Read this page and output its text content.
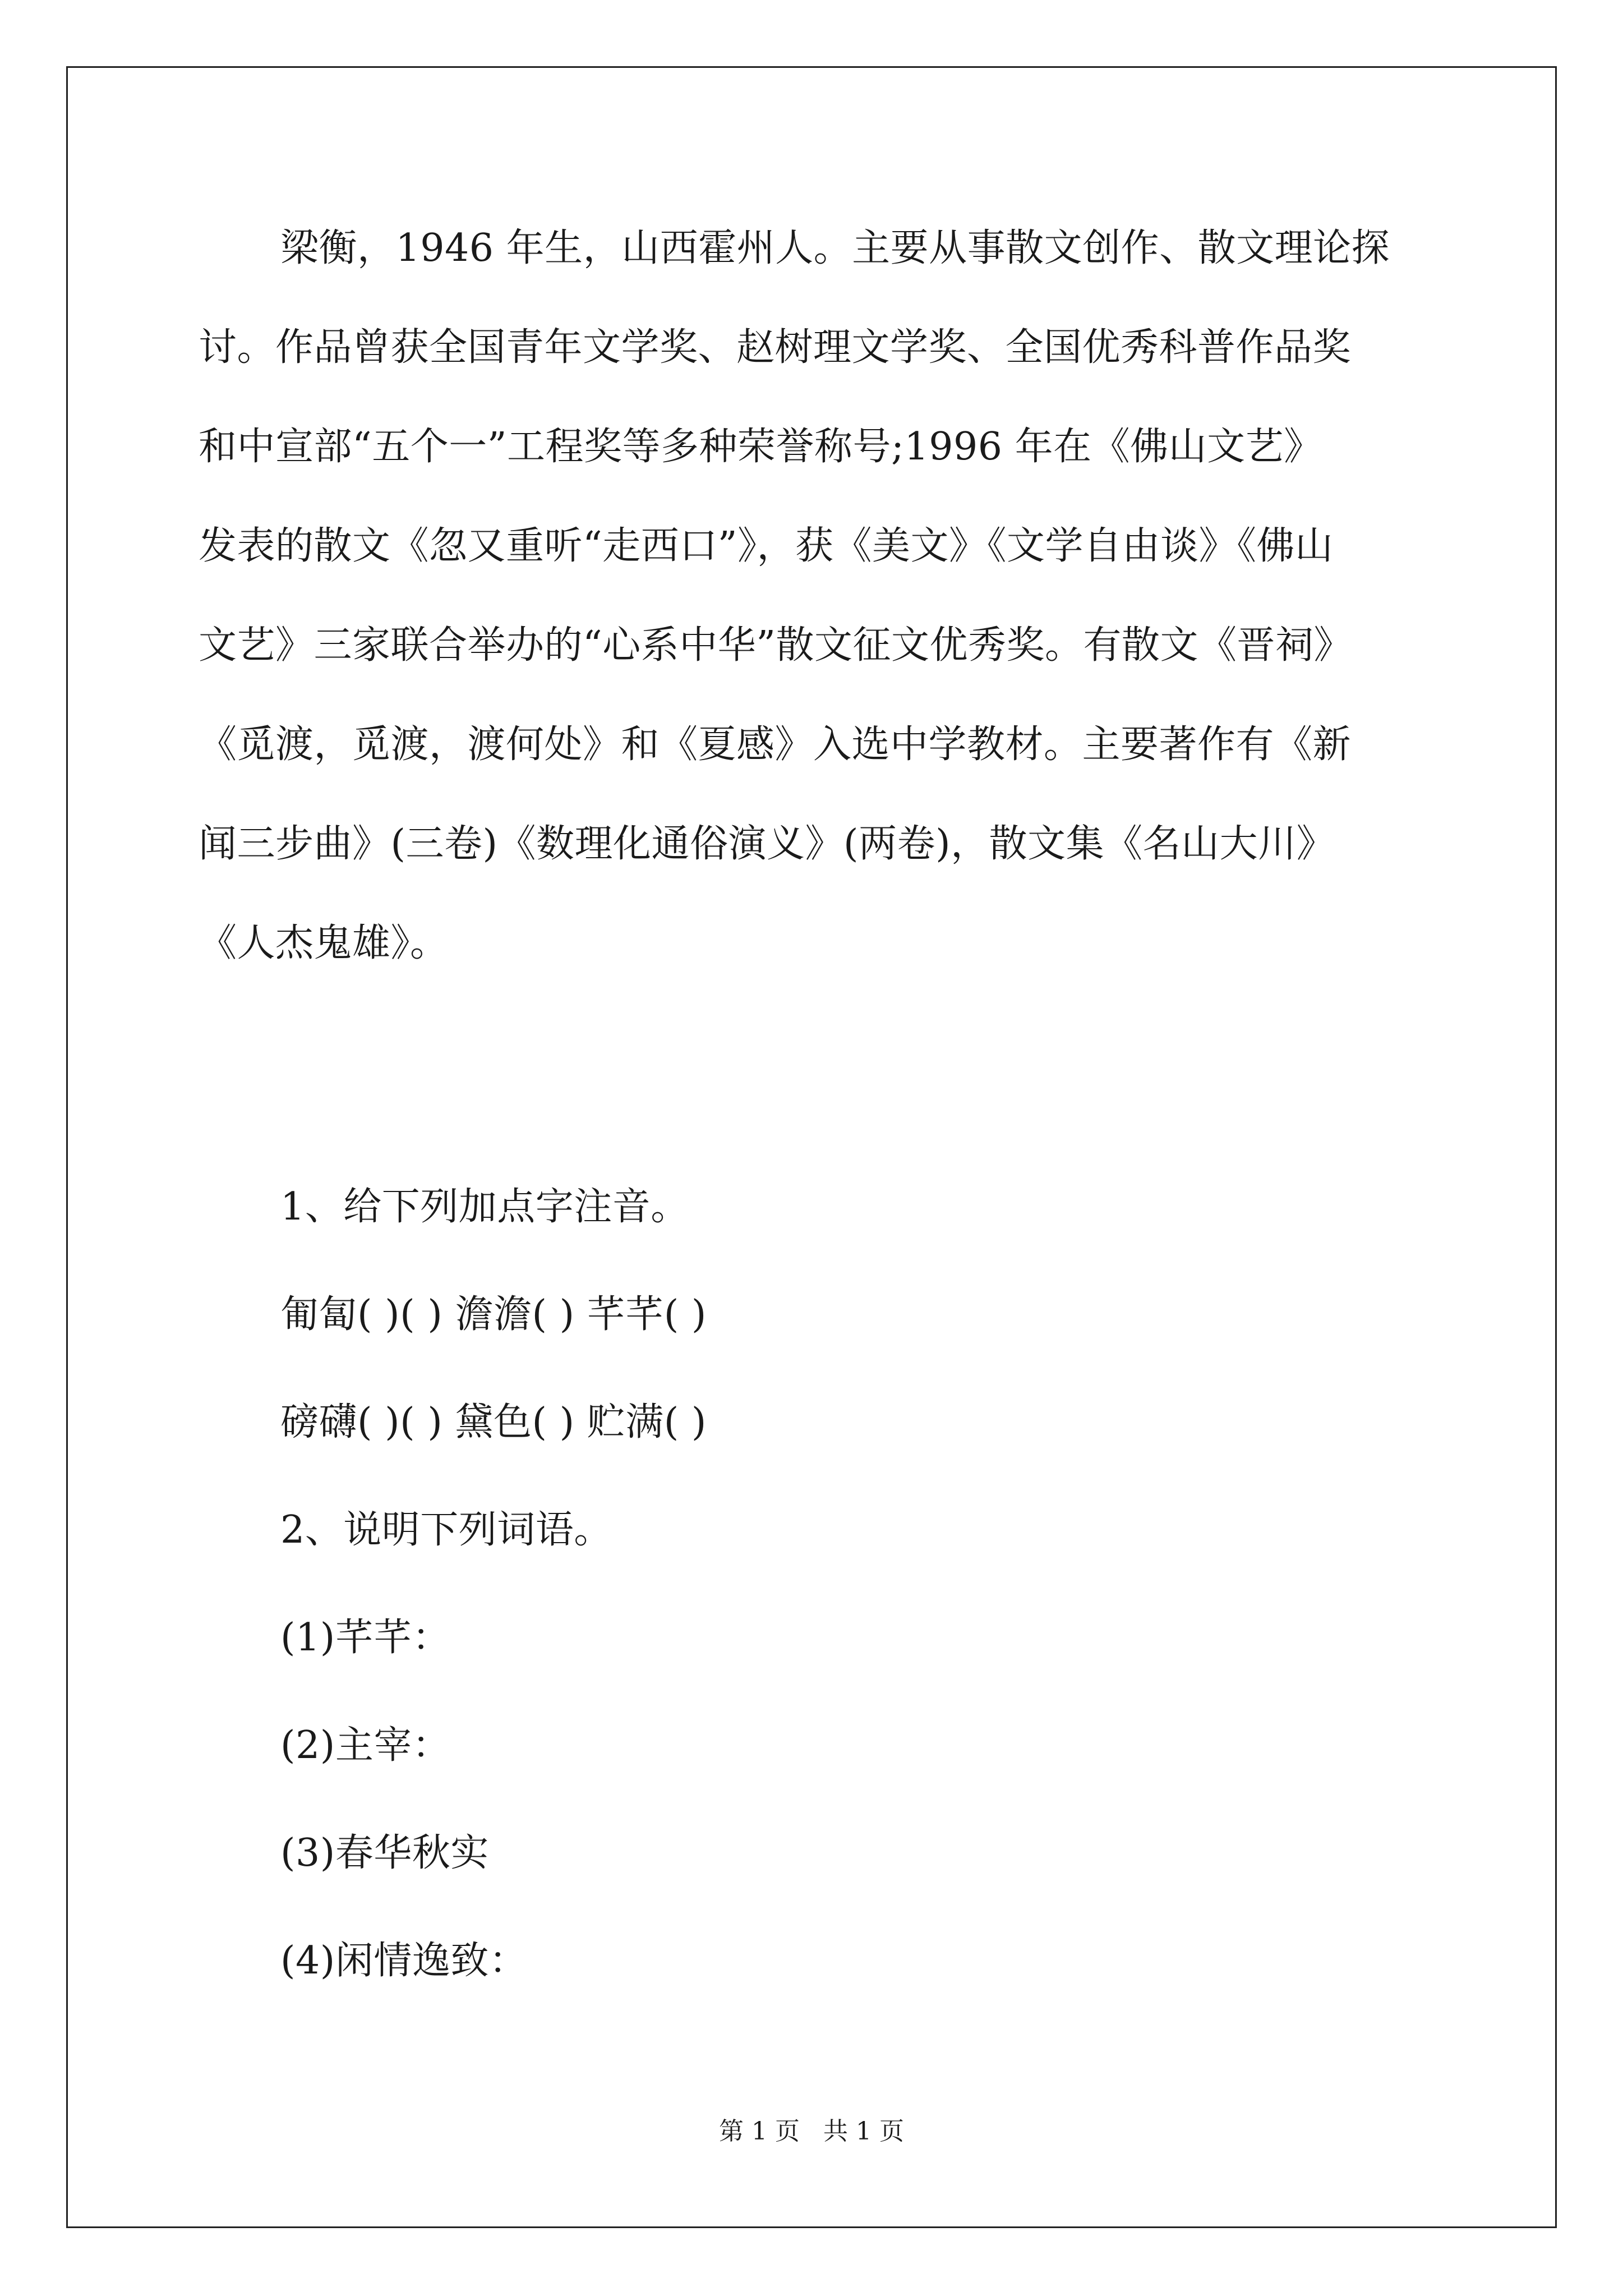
梁衡，1946 年生，山西霍州人。主要从事散文创作、散文理论探
讨。作品曾获全国青年文学奖、赵树理文学奖、全国优秀科普作品奖
和中宣部“五个一”工程奖等多种荣誉称号;1996 年在《佛山文艺》
发表的散文《忽又重听“走西口”》，获《美文》《文学自由谈》《佛山
文艺》三家联合举办的“心系中华”散文征文优秀奖。有散文《晋祠》
《觅渡，觅渡，渡何处》和《夏感》入选中学教材。主要著作有《新
闻三步曲》(三卷)《数理化通俗演义》(两卷)，散文集《名山大川》
《人杰鬼雄》。
1、给下列加点字注音。
匍匐( )( ) 澹澹( ) 芊芊( )
磅礴( )( ) 黛色( ) 贮满( )
2、说明下列词语。
(1)芊芊：
(2)主宰：
(3)春华秋实
(4)闲情逸致：
第 1 页   共 1 页
